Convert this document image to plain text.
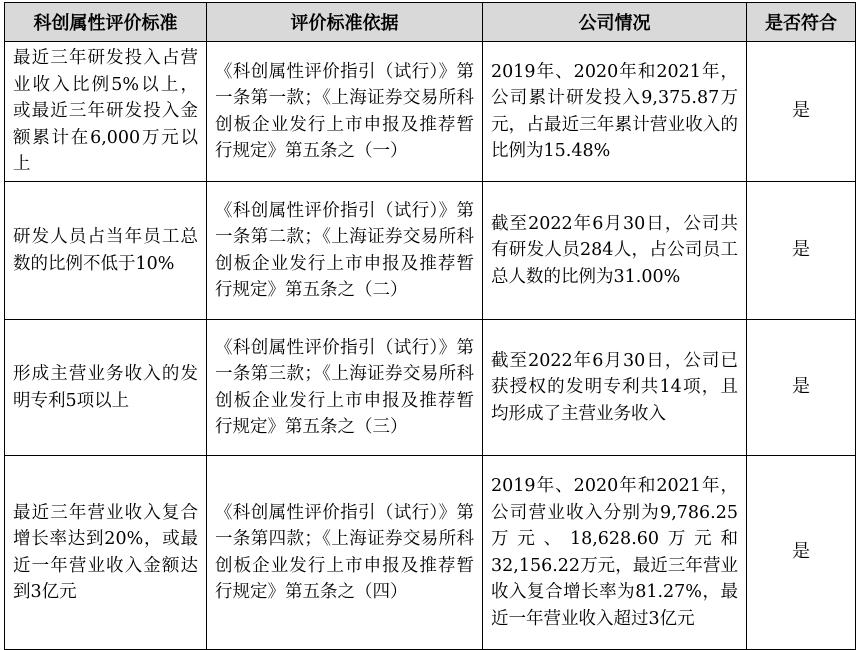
科创属性评价标准	评价标准依据	公司情况	是否符合
最近三年研发投入占营业收入比例5%以上，或最近三年研发投入金额累计在6,000万元以上	《科创属性评价指引（试行）》第一条第一款；《上海证券交易所科创板企业发行上市申报及推荐暂行规定》第五条之（一）	2019年、2020年和2021年，公司累计研发投入9,375.87万元，占最近三年累计营业收入的比例为15.48%	是
研发人员占当年员工总数的比例不低于10%	《科创属性评价指引（试行）》第一条第二款；《上海证券交易所科创板企业发行上市申报及推荐暂行规定》第五条之（二）	截至2022年6月30日，公司共有研发人员284人，占公司员工总人数的比例为31.00%	是
形成主营业务收入的发明专利5项以上	《科创属性评价指引（试行）》第一条第三款；《上海证券交易所科创板企业发行上市申报及推荐暂行规定》第五条之（三）	截至2022年6月30日，公司已获授权的发明专利共14项，且均形成了主营业务收入	是
最近三年营业收入复合增长率达到20%，或最近一年营业收入金额达到3亿元	《科创属性评价指引（试行）》第一条第四款；《上海证券交易所科创板企业发行上市申报及推荐暂行规定》第五条之（四）	2019年、2020年和2021年，公司营业收入分别为9,786.25万元、18,628.60万元和32,156.22万元，最近三年营业收入复合增长率为81.27%，最近一年营业收入超过3亿元	是
